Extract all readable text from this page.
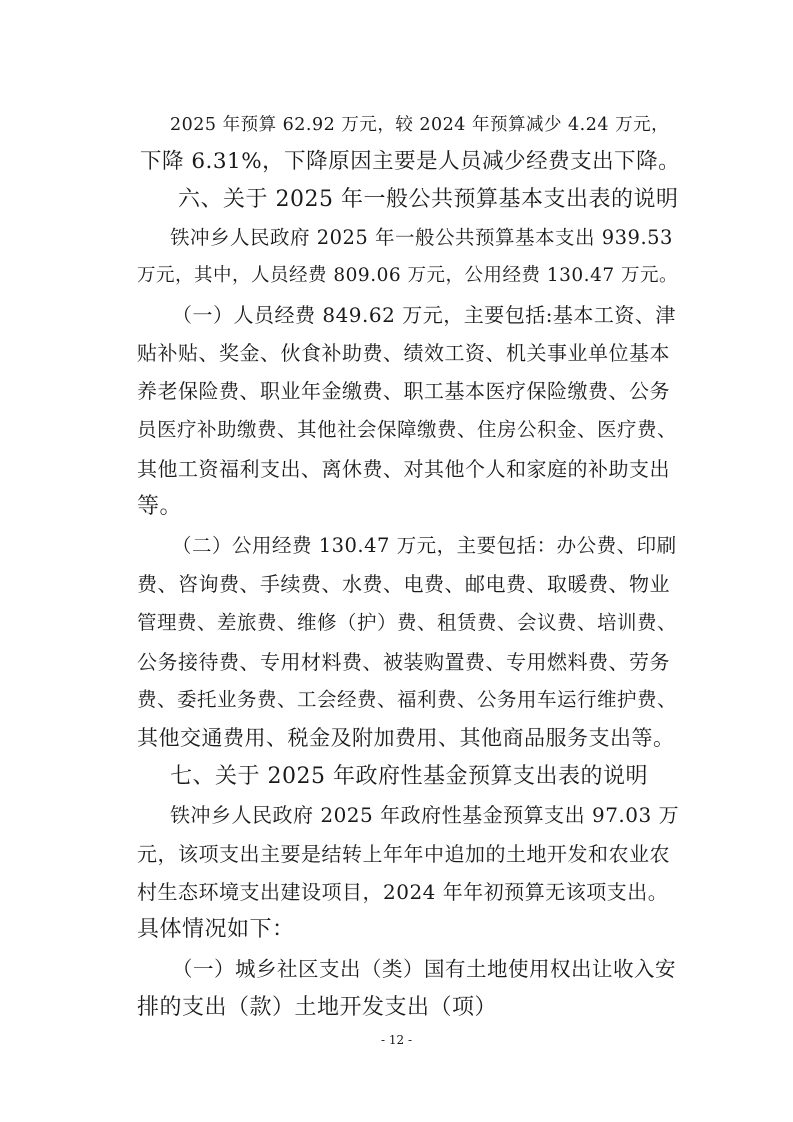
2025 年预算 62.92 万元，较 2024 年预算减少 4.24 万元，
下降 6.31%，下降原因主要是人员减少经费支出下降。
六、关于 2025 年一般公共预算基本支出表的说明
铁冲乡人民政府 2025 年一般公共预算基本支出 939.53
万元，其中，人员经费 809.06 万元，公用经费 130.47 万元。
（一）人员经费 849.62 万元，主要包括:基本工资、津
贴补贴、奖金、伙食补助费、绩效工资、机关事业单位基本
养老保险费、职业年金缴费、职工基本医疗保险缴费、公务
员医疗补助缴费、其他社会保障缴费、住房公积金、医疗费、
其他工资福利支出、离休费、对其他个人和家庭的补助支出
等。
（二）公用经费 130.47 万元，主要包括：办公费、印刷
费、咨询费、手续费、水费、电费、邮电费、取暖费、物业
管理费、差旅费、维修（护）费、租赁费、会议费、培训费、
公务接待费、专用材料费、被装购置费、专用燃料费、劳务
费、委托业务费、工会经费、福利费、公务用车运行维护费、
其他交通费用、税金及附加费用、其他商品服务支出等。
七、关于 2025 年政府性基金预算支出表的说明
铁冲乡人民政府 2025 年政府性基金预算支出 97.03 万
元，该项支出主要是结转上年年中追加的土地开发和农业农
村生态环境支出建设项目，2024 年年初预算无该项支出。
具体情况如下：
（一）城乡社区支出（类）国有土地使用权出让收入安
排的支出（款）土地开发支出（项）
- 12 -
